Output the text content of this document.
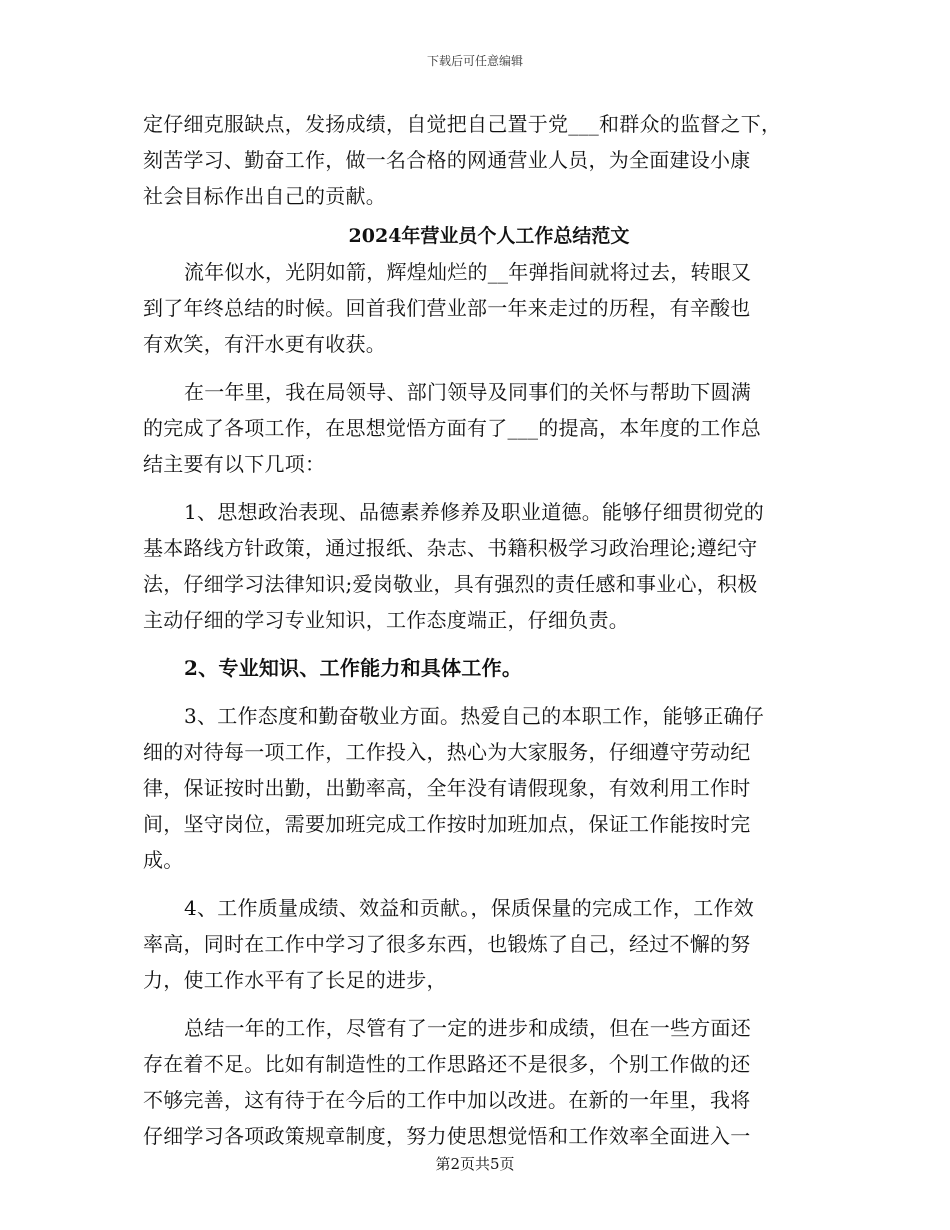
下载后可任意编辑
定仔细克服缺点，发扬成绩，自觉把自己置于党___和群众的监督之下，
刻苦学习、勤奋工作，做一名合格的网通营业人员，为全面建设小康
社会目标作出自己的贡献。
2024年营业员个人工作总结范文
流年似水，光阴如箭，辉煌灿烂的__年弹指间就将过去，转眼又
到了年终总结的时候。回首我们营业部一年来走过的历程，有辛酸也
有欢笑，有汗水更有收获。
在一年里，我在局领导、部门领导及同事们的关怀与帮助下圆满
的完成了各项工作，在思想觉悟方面有了___的提高，本年度的工作总
结主要有以下几项：
1、思想政治表现、品德素养修养及职业道德。能够仔细贯彻党的
基本路线方针政策，通过报纸、杂志、书籍积极学习政治理论;遵纪守
法，仔细学习法律知识;爱岗敬业，具有强烈的责任感和事业心，积极
主动仔细的学习专业知识，工作态度端正，仔细负责。
2、专业知识、工作能力和具体工作。
3、工作态度和勤奋敬业方面。热爱自己的本职工作，能够正确仔
细的对待每一项工作，工作投入，热心为大家服务，仔细遵守劳动纪
律，保证按时出勤，出勤率高，全年没有请假现象，有效利用工作时
间，坚守岗位，需要加班完成工作按时加班加点，保证工作能按时完
成。
4、工作质量成绩、效益和贡献。，保质保量的完成工作，工作效
率高，同时在工作中学习了很多东西，也锻炼了自己，经过不懈的努
力，使工作水平有了长足的进步，
总结一年的工作，尽管有了一定的进步和成绩，但在一些方面还
存在着不足。比如有制造性的工作思路还不是很多，个别工作做的还
不够完善，这有待于在今后的工作中加以改进。在新的一年里，我将
仔细学习各项政策规章制度，努力使思想觉悟和工作效率全面进入一
第2页共5页
